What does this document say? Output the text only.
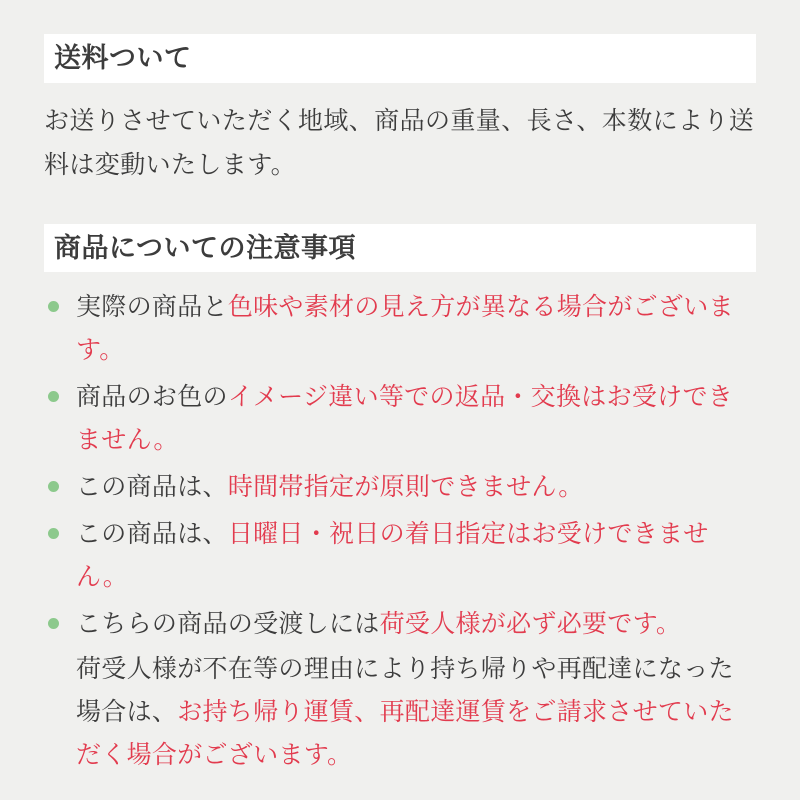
送料ついて

お送りさせていただく地域、商品の重量、長さ、本数により送料は変動いたします。

商品についての注意事項
実際の商品と色味や素材の見え方が異なる場合がございます。
商品のお色のイメージ違い等での返品・交換はお受けできません。
この商品は、時間帯指定が原則できません。
この商品は、日曜日・祝日の着日指定はお受けできません。
こちらの商品の受渡しには荷受人様が必ず必要です。
荷受人様が不在等の理由により持ち帰りや再配達になった場合は、お持ち帰り運賃、再配達運賃をご請求させていただく場合がございます。
